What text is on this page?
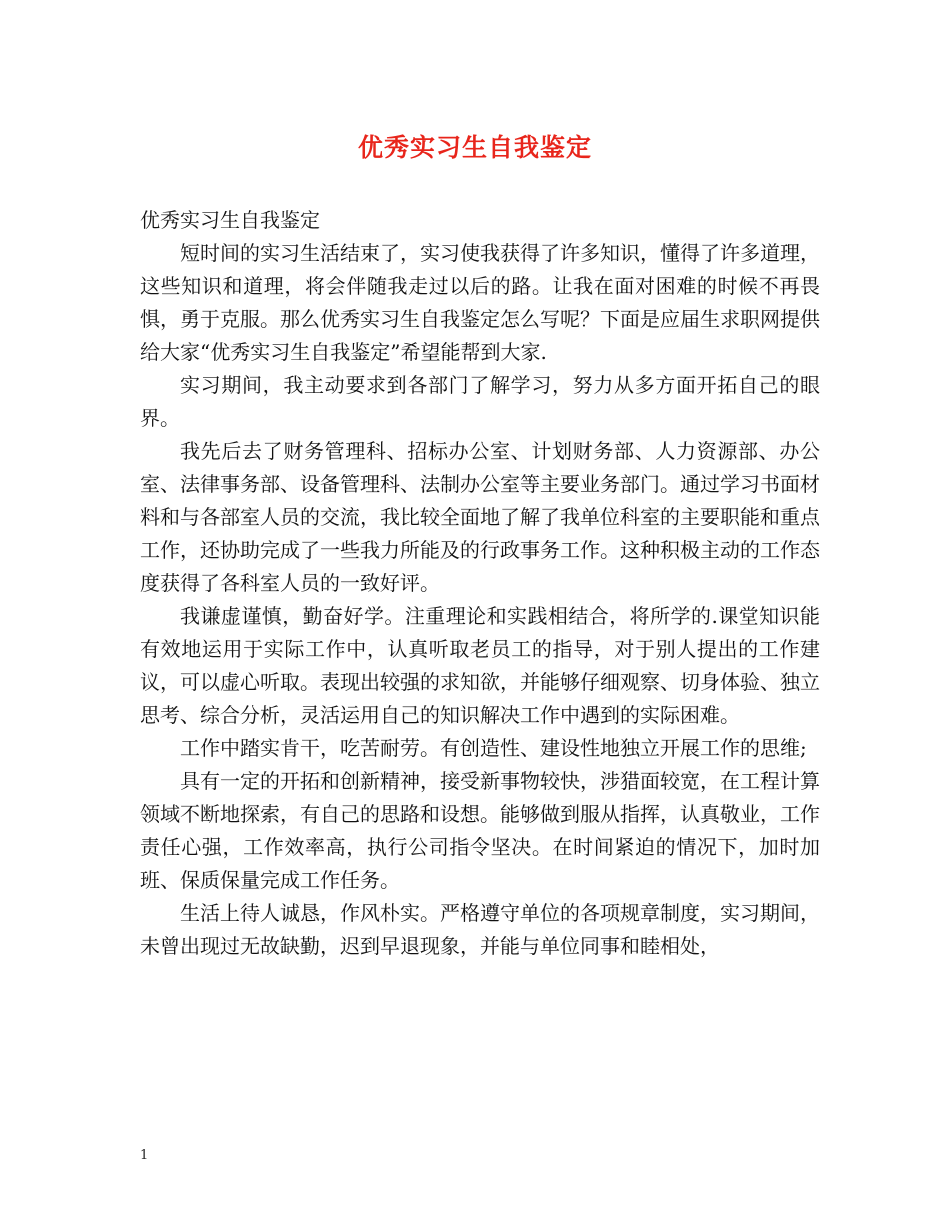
优秀实习生自我鉴定

优秀实习生自我鉴定

短时间的实习生活结束了，实习使我获得了许多知识，懂得了许多道理，这些知识和道理，将会伴随我走过以后的路。让我在面对困难的时候不再畏惧，勇于克服。那么优秀实习生自我鉴定怎么写呢？下面是应届生求职网提供给大家“优秀实习生自我鉴定”希望能帮到大家.

实习期间，我主动要求到各部门了解学习，努力从多方面开拓自己的眼界。

我先后去了财务管理科、招标办公室、计划财务部、人力资源部、办公室、法律事务部、设备管理科、法制办公室等主要业务部门。通过学习书面材料和与各部室人员的交流，我比较全面地了解了我单位科室的主要职能和重点工作，还协助完成了一些我力所能及的行政事务工作。这种积极主动的工作态度获得了各科室人员的一致好评。

我谦虚谨慎，勤奋好学。注重理论和实践相结合，将所学的.课堂知识能有效地运用于实际工作中，认真听取老员工的指导，对于别人提出的工作建议，可以虚心听取。表现出较强的求知欲，并能够仔细观察、切身体验、独立思考、综合分析，灵活运用自己的知识解决工作中遇到的实际困难。

工作中踏实肯干，吃苦耐劳。有创造性、建设性地独立开展工作的思维;

具有一定的开拓和创新精神，接受新事物较快，涉猎面较宽，在工程计算领域不断地探索，有自己的思路和设想。能够做到服从指挥，认真敬业，工作责任心强，工作效率高，执行公司指令坚决。在时间紧迫的情况下，加时加班、保质保量完成工作任务。

生活上待人诚恳，作风朴实。严格遵守单位的各项规章制度，实习期间，未曾出现过无故缺勤，迟到早退现象，并能与单位同事和睦相处，

1
